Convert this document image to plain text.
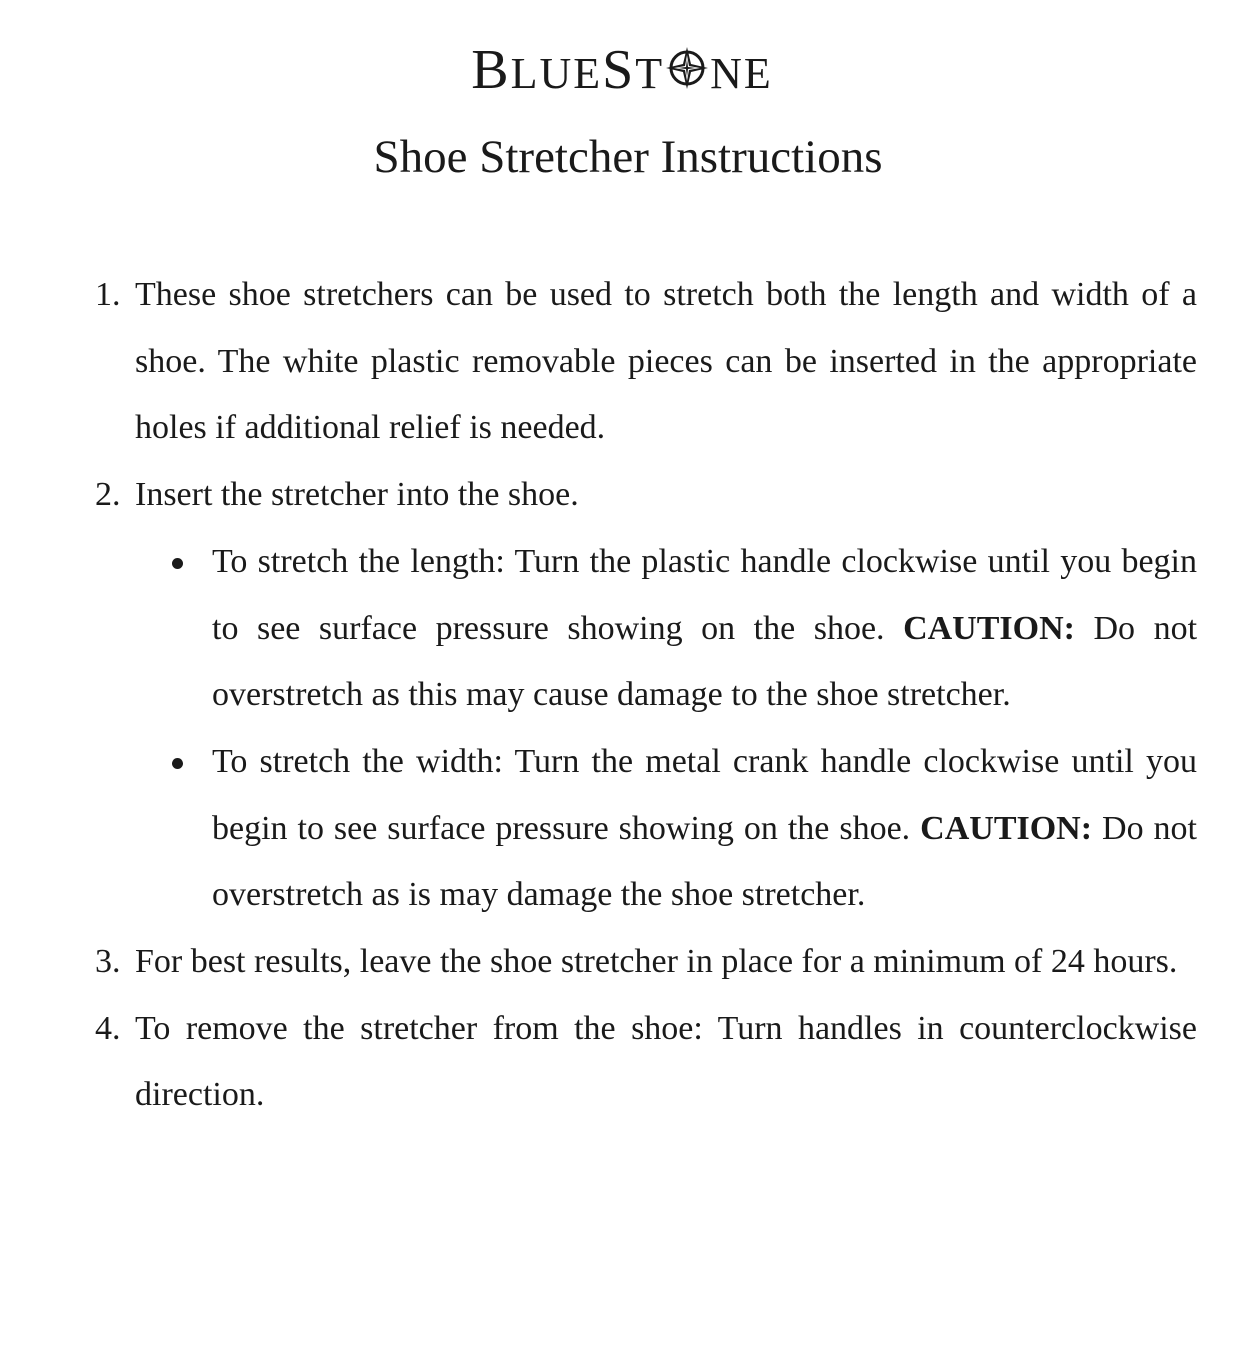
BLUEST NE
Shoe Stretcher Instructions
1. These shoe stretchers can be used to stretch both the length and width of a shoe. The white plastic removable pieces can be inserted in the appropriate holes if additional relief is needed.
2. Insert the stretcher into the shoe.
To stretch the length: Turn the plastic handle clockwise until you begin to see surface pressure showing on the shoe. CAUTION: Do not overstretch as this may cause damage to the shoe stretcher.
To stretch the width: Turn the metal crank handle clockwise until you begin to see surface pressure showing on the shoe. CAUTION: Do not overstretch as is may damage the shoe stretcher.
3. For best results, leave the shoe stretcher in place for a minimum of 24 hours.
4. To remove the stretcher from the shoe: Turn handles in counterclockwise direction.
